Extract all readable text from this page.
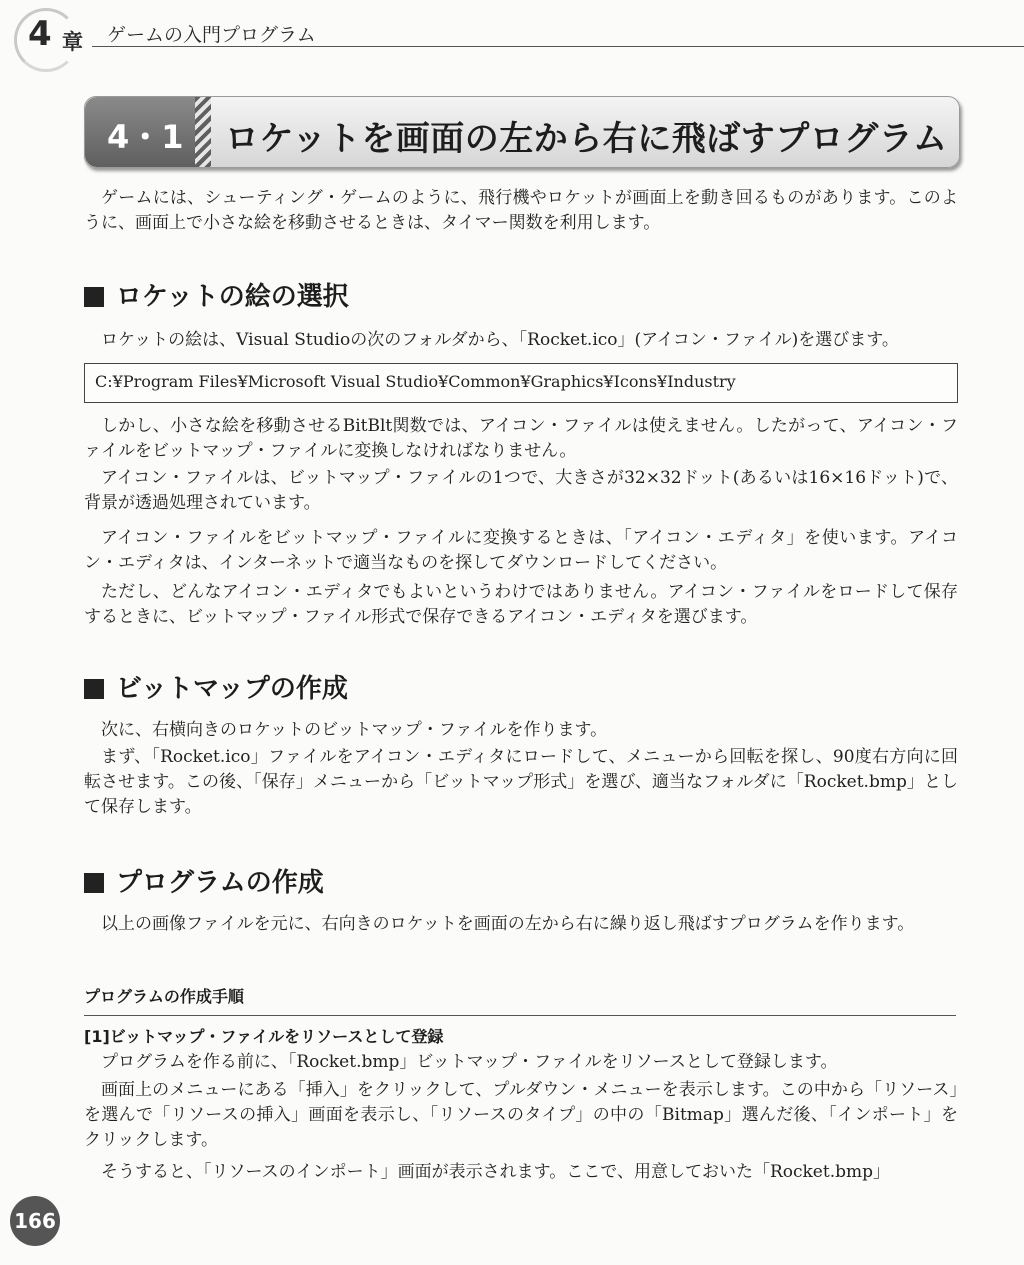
4 章 ゲームの入門プログラム
4・1 ロケットを画面の左から右に飛ばすプログラム

ゲームには、シューティング・ゲームのように、飛行機やロケットが画面上を動き回るものがあります。このように、画面上で小さな絵を移動させるときは、タイマー関数を利用します。

ロケットの絵の選択

ロケットの絵は、Visual Studioの次のフォルダから、「Rocket.ico」(アイコン・ファイル)を選びます。

C:¥Program Files¥Microsoft Visual Studio¥Common¥Graphics¥Icons¥Industry

しかし、小さな絵を移動させるBitBlt関数では、アイコン・ファイルは使えません。したがって、アイコン・ファイルをビットマップ・ファイルに変換しなければなりません。

アイコン・ファイルは、ビットマップ・ファイルの1つで、大きさが32×32ドット(あるいは16×16ドット)で、背景が透過処理されています。

アイコン・ファイルをビットマップ・ファイルに変換するときは、「アイコン・エディタ」を使います。アイコン・エディタは、インターネットで適当なものを探してダウンロードしてください。

ただし、どんなアイコン・エディタでもよいというわけではありません。アイコン・ファイルをロードして保存するときに、ビットマップ・ファイル形式で保存できるアイコン・エディタを選びます。

ビットマップの作成

次に、右横向きのロケットのビットマップ・ファイルを作ります。

まず、「Rocket.ico」ファイルをアイコン・エディタにロードして、メニューから回転を探し、90度右方向に回転させます。この後、「保存」メニューから「ビットマップ形式」を選び、適当なフォルダに「Rocket.bmp」として保存します。

プログラムの作成

以上の画像ファイルを元に、右向きのロケットを画面の左から右に繰り返し飛ばすプログラムを作ります。

プログラムの作成手順
[1]ビットマップ・ファイルをリソースとして登録

プログラムを作る前に、「Rocket.bmp」ビットマップ・ファイルをリソースとして登録します。

画面上のメニューにある「挿入」をクリックして、プルダウン・メニューを表示します。この中から「リソース」を選んで「リソースの挿入」画面を表示し、「リソースのタイプ」の中の「Bitmap」選んだ後、「インポート」をクリックします。

そうすると、「リソースのインポート」画面が表示されます。ここで、用意しておいた「Rocket.bmp」

166
